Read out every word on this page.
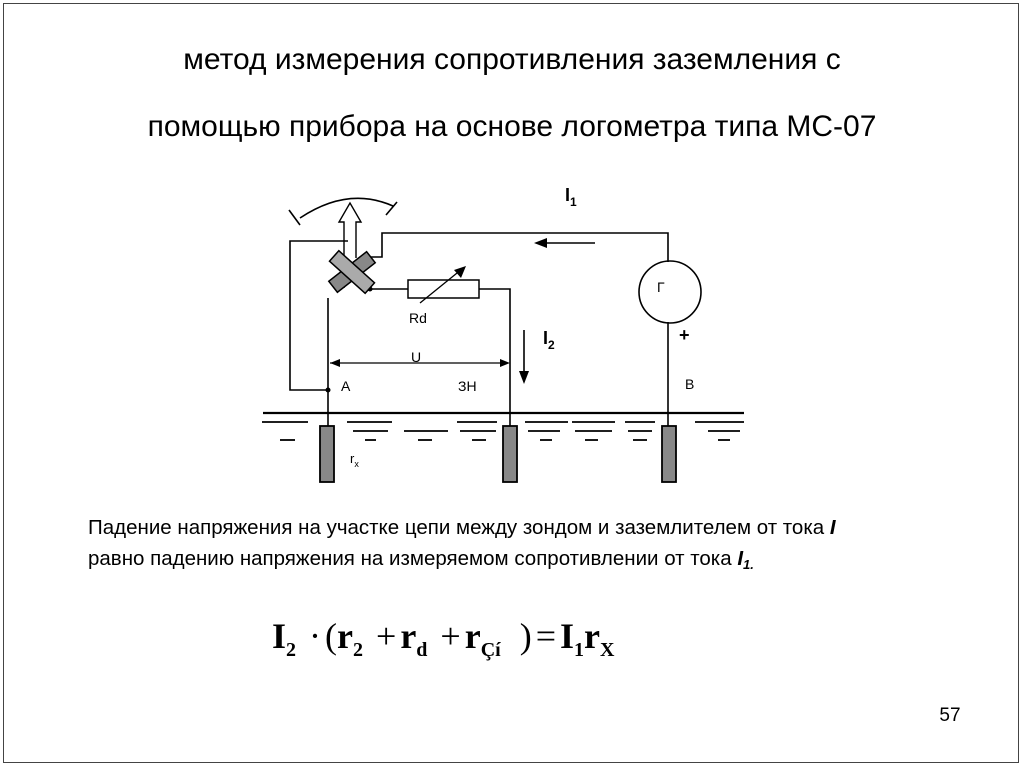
метод измерения сопротивления заземления с
помощью прибора на основе логометра типа МС-07
$I_1$
$I_2$
Г
+
Rd
U
А	ЗН	В
$r_x$
Падение напряжения на участке цепи между зондом и заземлителем от тока I
равно падению напряжения на измеряемом сопротивлении от тока $I_{1.}$
$I_2 \cdot (r_2 + r_d + r_{Çí}$ ) = $I_1r_X$
57
